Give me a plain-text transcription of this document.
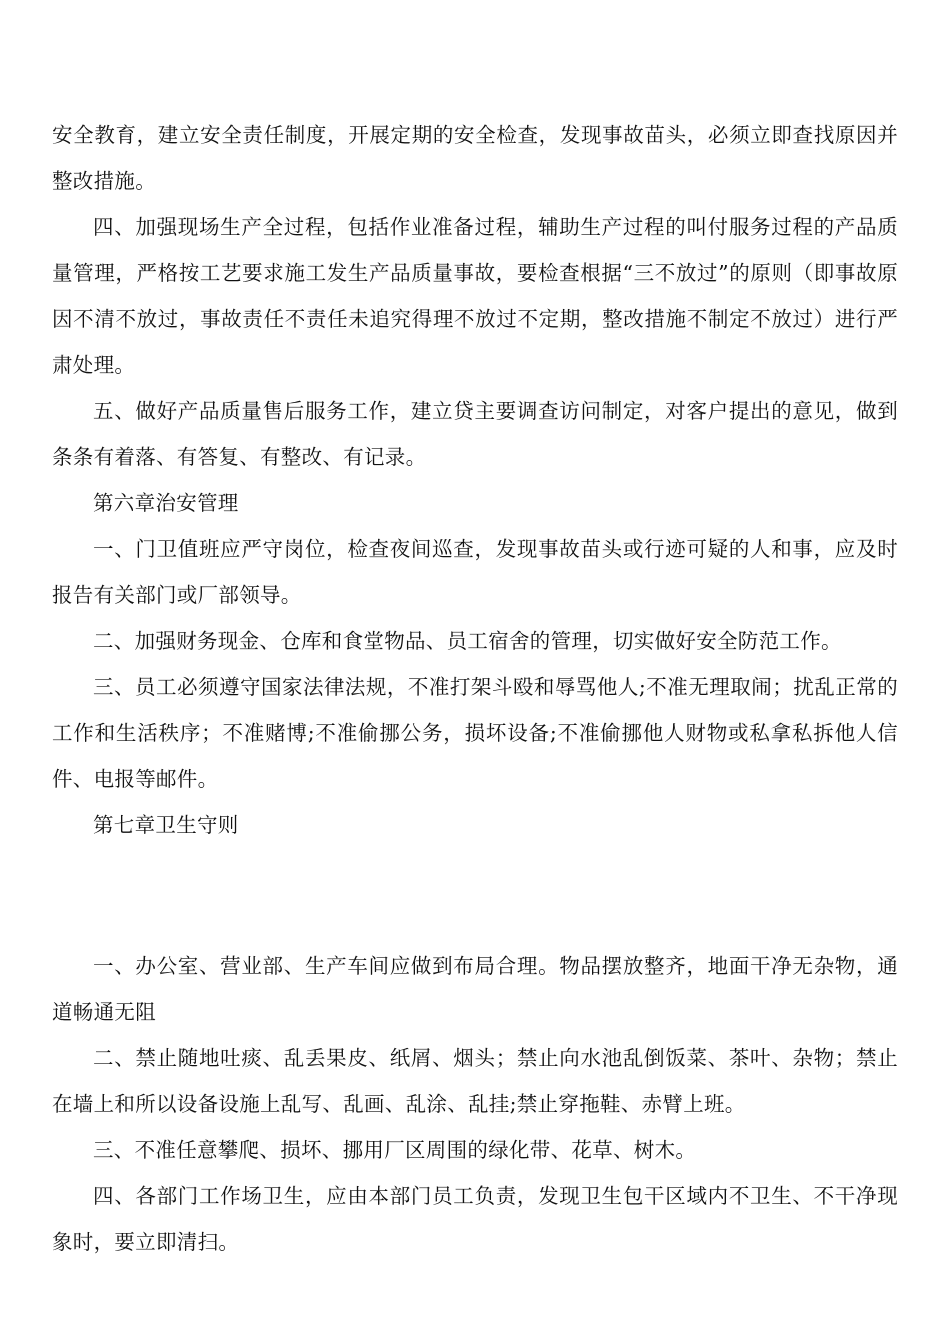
安全教育，建立安全责任制度，开展定期的安全检查，发现事故苗头，必须立即查找原因并整改措施。

四、加强现场生产全过程，包括作业准备过程，辅助生产过程的叫付服务过程的产品质量管理，严格按工艺要求施工发生产品质量事故，要检查根据“三不放过”的原则（即事故原因不清不放过，事故责任不责任未追究得理不放过不定期，整改措施不制定不放过）进行严肃处理。

五、做好产品质量售后服务工作，建立贷主要调查访问制定，对客户提出的意见，做到条条有着落、有答复、有整改、有记录。

第六章治安管理

一、门卫值班应严守岗位，检查夜间巡查，发现事故苗头或行迹可疑的人和事，应及时报告有关部门或厂部领导。

二、加强财务现金、仓库和食堂物品、员工宿舍的管理，切实做好安全防范工作。

三、员工必须遵守国家法律法规，不准打架斗殴和辱骂他人;不准无理取闹；扰乱正常的工作和生活秩序；不准赌博;不准偷挪公务，损坏设备;不准偷挪他人财物或私拿私拆他人信件、电报等邮件。

第七章卫生守则

一、办公室、营业部、生产车间应做到布局合理。物品摆放整齐，地面干净无杂物，通道畅通无阻

二、禁止随地吐痰、乱丢果皮、纸屑、烟头；禁止向水池乱倒饭菜、茶叶、杂物；禁止在墙上和所以设备设施上乱写、乱画、乱涂、乱挂;禁止穿拖鞋、赤臂上班。

三、不准任意攀爬、损坏、挪用厂区周围的绿化带、花草、树木。

四、各部门工作场卫生，应由本部门员工负责，发现卫生包干区域内不卫生、不干净现象时，要立即清扫。
